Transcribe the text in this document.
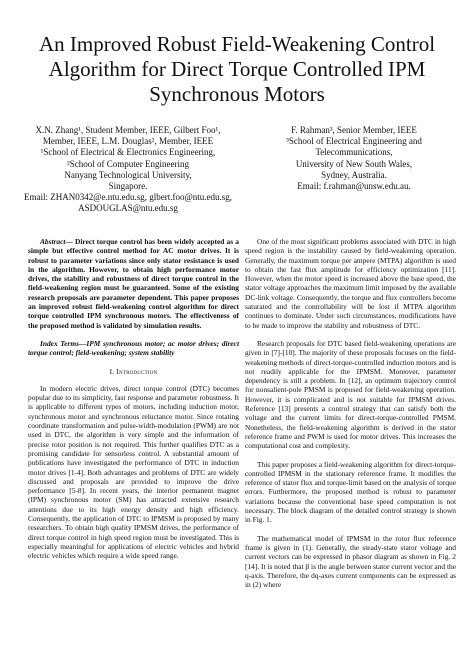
An Improved Robust Field-Weakening Control Algorithm for Direct Torque Controlled IPM Synchronous Motors

X.N. Zhang¹, Student Member, IEEE, Gilbert Foo¹,

Member, IEEE, L.M. Douglas², Member, IEEE

¹School of Electrical & Electronics Engineering,

²School of Computer Engineering

Nanyang Technological University,

Singapore.

Email: ZHAN0342@e.ntu.edu.sg, glbert.foo@ntu.edu.sg,

ASDOUGLAS@ntu.edu.sg

F. Rahman³, Senior Member, IEEE

³School of Electrical Engineering and Telecommunications,

University of New South Wales,

Sydney, Australia.

Email: f.rahman@unsw.edu.au.

Abstract— Direct torque control has been widely accepted as a simple but effective control method for AC motor drives. It is robust to parameter variations since only stator resistance is used in the algorithm. However, to obtain high performance motor drives, the stability and robustness of direct torque control in the field-weakening region must be guaranteed. Some of the existing research proposals are parameter dependent. This paper proposes an improved robust field-weakening control algorithm for direct torque controlled IPM synchronous motors. The effectiveness of the proposed method is validated by simulation results.

Index Terms—IPM synchronous motor; ac motor drives; direct torque control; field-weakening; system stability

I. Introduction

In modern electric drives, direct torque control (DTC) becomes popular due to its simplicity, fast response and parameter robustness. It is applicable to different types of motors, including induction motor, synchronous motor and synchronous reluctance motor. Since rotating coordinate transformation and pulse-width-modulation (PWM) are not used in DTC, the algorithm is very simple and the information of precise rotor position is not required. This further qualifies DTC as a promising candidate for sensorless control. A substantial amount of publications have investigated the performance of DTC in induction motor drives [1-4]. Both advantages and problems of DTC are widely discussed and proposals are provided to improve the drive performance [5-8]. In recent years, the interior permanent magnet (IPM) synchronous motor (SM) has attracted extensive research attentions due to its high energy density and high efficiency. Consequently, the application of DTC to IPMSM is proposed by many researchers. To obtain high quality IPMSM drives, the performance of direct torque control in high speed region must be investigated. This is especially meaningful for applications of electric vehicles and hybrid electric vehicles which require a wide speed range.

One of the most significant problems associated with DTC in high speed region is the instability caused by field-weakening operation. Generally, the maximum torque per ampere (MTPA) algorithm is used to obtain the fast flux amplitude for efficiency optimization [11]. However, when the motor speed is increased above the base speed, the stator voltage approaches the maximum limit imposed by the available DC-link voltage. Consequently, the torque and flux controllers become saturated and the controllability will be lost if MTPA algorithm continues to dominate. Under such circumstances, modifications have to be made to improve the stability and robustness of DTC.

Research proposals for DTC based field-weakening operations are given in [7]-[10]. The majority of these proposals focuses on the field-weakening methods of direct-torque-controlled induction motors and is not readily applicable for the IPMSM. Moreover, parameter dependency is still a problem. In [12], an optimum trajectory control for nonsalient-pole PMSM is proposed for field-weakening operation. However, it is complicated and is not suitable for IPMSM drives. Reference [13] presents a control strategy that can satisfy both the voltage and the current limits for direct-torque-controlled PMSM. Nonetheless, the field-weakening algorithm is derived in the stator reference frame and PWM is used for motor drives. This increases the computational cost and complexity.

This paper proposes a field-weakening algorithm for direct-torque-controlled IPMSM in the stationary reference frame. It modifies the reference of stator flux and torque-limit based on the analysis of torque errors. Furthermore, the proposed method is robust to parameter variations because the conventional base speed computation is not necessary. The block diagram of the detailed control strategy is shown in Fig. 1.

The mathematical model of IPMSM in the rotor flux reference frame is given in (1). Generally, the steady-state stator voltage and current vectors can be expressed in phasor diagram as shown in Fig. 2 [14]. It is noted that β is the angle between stator current vector and the q-axis. Therefore, the dq-axes current components can be expressed as in (2) where
